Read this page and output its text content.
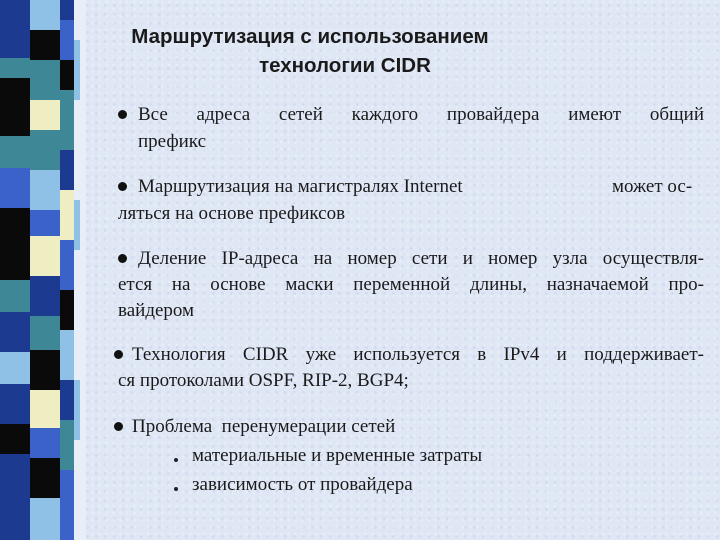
Маршрутизация с использованием
технологии CIDR
Все адреса сетей каждого провайдера имеют общий
префикс
Маршрутизация на магистралях Internet	может ос-
ляться на основе префиксов
Деление IP-адреса на номер сети и номер узла осуществля-
ется на основе маски переменной длины, назначаемой про-
вайдером
Технология CIDR уже используется в IPv4 и поддерживает-
ся протоколами OSPF, RIP-2, BGP4;
Проблема  перенумерации сетей
материальные и временные затраты
зависимость от провайдера
